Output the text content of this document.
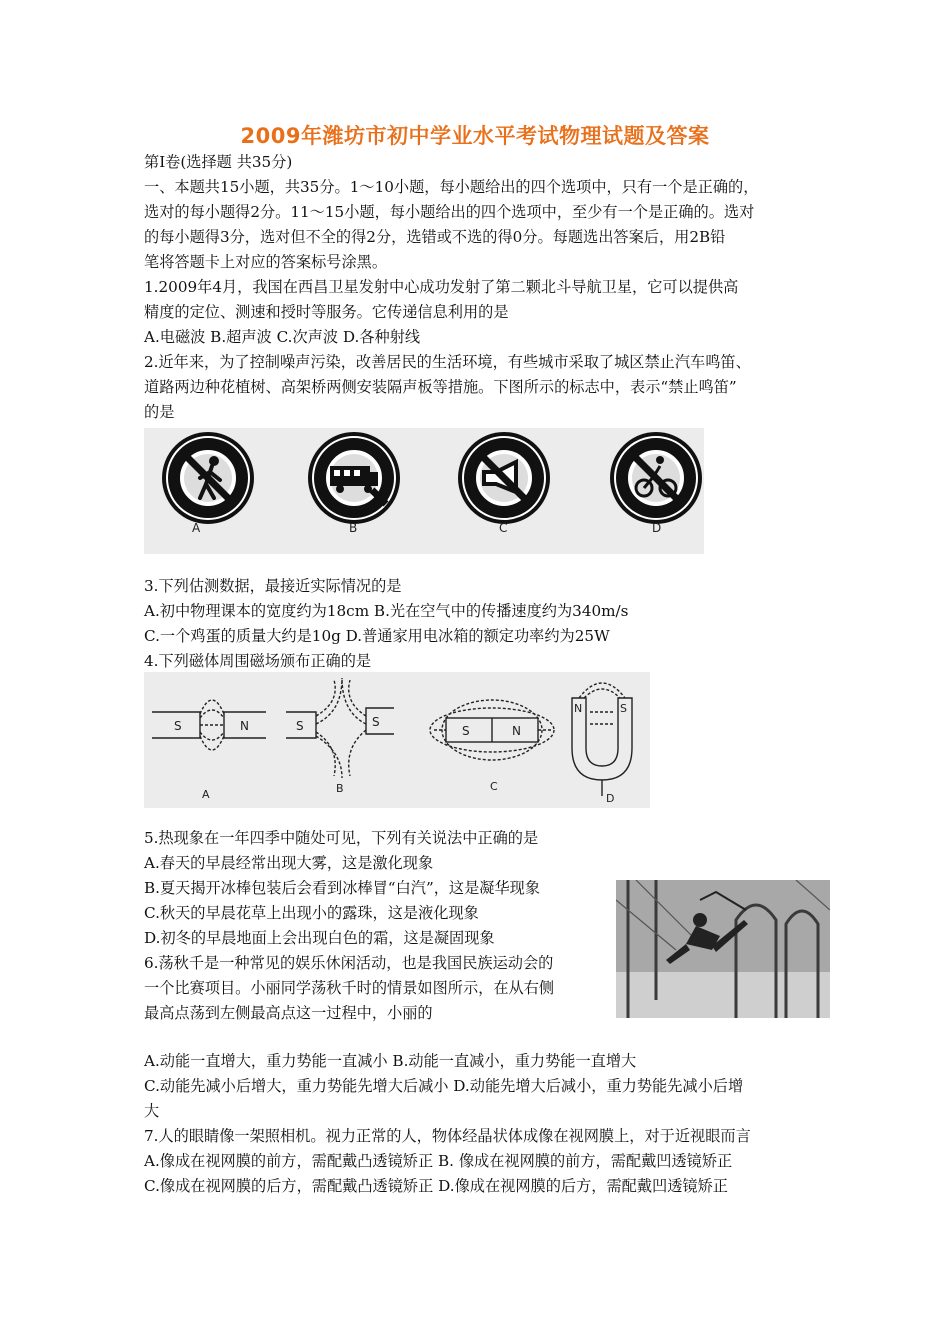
2009年潍坊市初中学业水平考试物理试题及答案
第Ⅰ卷(选择题 共35分)
一、本题共15小题，共35分。1～10小题，每小题给出的四个选项中，只有一个是正确的，
选对的每小题得2分。11～15小题，每小题给出的四个选项中，至少有一个是正确的。选对
的每小题得3分，选对但不全的得2分，选错或不选的得0分。每题选出答案后，用2B铅
笔将答题卡上对应的答案标号涂黑。
1.2009年4月，我国在西昌卫星发射中心成功发射了第二颗北斗导航卫星，它可以提供高
精度的定位、测速和授时等服务。它传递信息利用的是
A.电磁波 B.超声波 C.次声波 D.各种射线
2.近年来，为了控制噪声污染，改善居民的生活环境，有些城市采取了城区禁止汽车鸣笛、
道路两边种花植树、高架桥两侧安装隔声板等措施。下图所示的标志中，表示“禁止鸣笛”
的是
A	B	C	D
3.下列估测数据，最接近实际情况的是
A.初中物理课本的宽度约为18cm B.光在空气中的传播速度约为340m/s
C.一个鸡蛋的质量大约是10g D.普通家用电冰箱的额定功率约为25W
4.下列磁体周围磁场颁布正确的是
S	N
A
S	S
B
S	N
C
N	S
D
5.热现象在一年四季中随处可见，下列有关说法中正确的是
A.春天的早晨经常出现大雾，这是激化现象
B.夏天揭开冰棒包装后会看到冰棒冒“白汽”，这是凝华现象
C.秋天的早晨花草上出现小的露珠，这是液化现象
D.初冬的早晨地面上会出现白色的霜，这是凝固现象
6.荡秋千是一种常见的娱乐休闲活动，也是我国民族运动会的
一个比赛项目。小丽同学荡秋千时的情景如图所示，在从右侧
最高点荡到左侧最高点这一过程中，小丽的
A.动能一直增大，重力势能一直减小 B.动能一直减小，重力势能一直增大
C.动能先减小后增大，重力势能先增大后减小 D.动能先增大后减小，重力势能先减小后增
大
7.人的眼睛像一架照相机。视力正常的人，物体经晶状体成像在视网膜上，对于近视眼而言
A.像成在视网膜的前方，需配戴凸透镜矫正 B. 像成在视网膜的前方，需配戴凹透镜矫正
C.像成在视网膜的后方，需配戴凸透镜矫正 D.像成在视网膜的后方，需配戴凹透镜矫正
